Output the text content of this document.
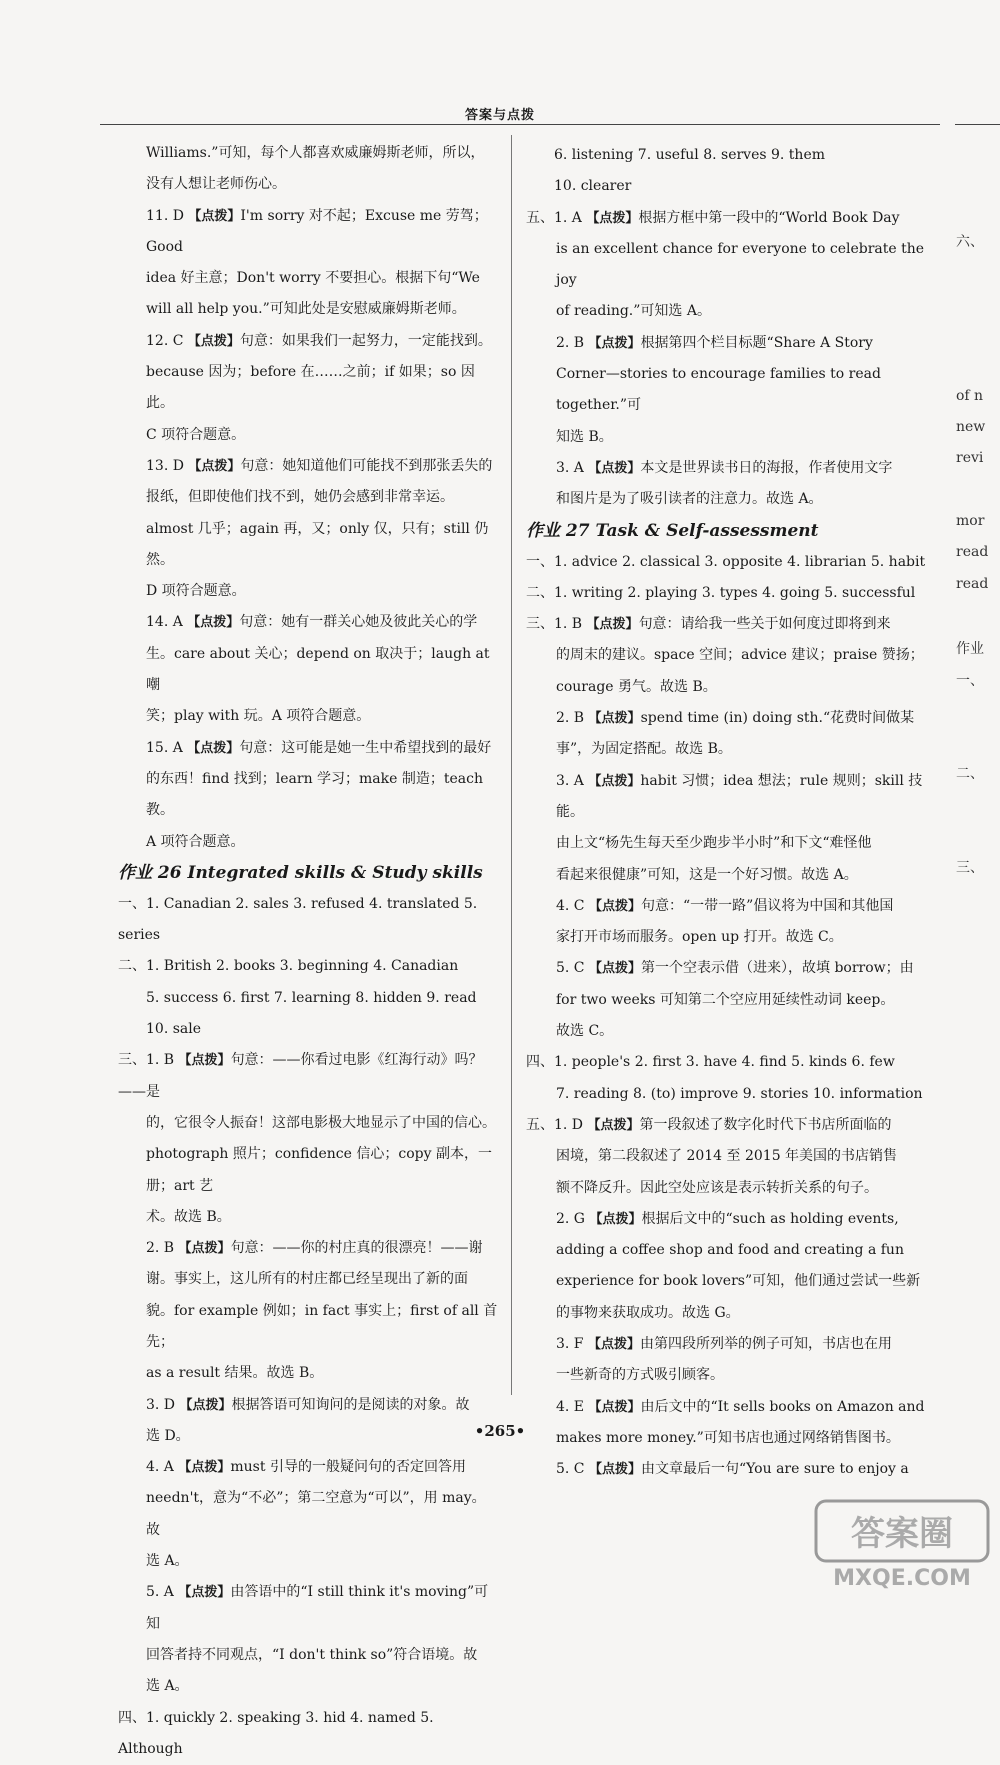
答案与点拨

Williams.”可知，每个人都喜欢威廉姆斯老师，所以，

没有人想让老师伤心。

11. D 【点拨】I'm sorry 对不起；Excuse me 劳驾；Good

idea 好主意；Don't worry 不要担心。根据下句“We

will all help you.”可知此处是安慰威廉姆斯老师。

12. C 【点拨】句意：如果我们一起努力，一定能找到。

because 因为；before 在……之前；if 如果；so 因此。

C 项符合题意。

13. D 【点拨】句意：她知道他们可能找不到那张丢失的

报纸，但即使他们找不到，她仍会感到非常幸运。

almost 几乎；again 再，又；only 仅，只有；still 仍然。

D 项符合题意。

14. A 【点拨】句意：她有一群关心她及彼此关心的学

生。care about 关心；depend on 取决于；laugh at 嘲

笑；play with 玩。A 项符合题意。

15. A 【点拨】句意：这可能是她一生中希望找到的最好

的东西！find 找到；learn 学习；make 制造；teach 教。

A 项符合题意。

作业 26 Integrated skills & Study skills

一、1. Canadian 2. sales 3. refused 4. translated 5. series

二、1. British 2. books 3. beginning 4. Canadian

5. success 6. first 7. learning 8. hidden 9. read

10. sale

三、1. B 【点拨】句意：——你看过电影《红海行动》吗？——是

的，它很令人振奋！这部电影极大地显示了中国的信心。

photograph 照片；confidence 信心；copy 副本，一册；art 艺

术。故选 B。

2. B 【点拨】句意：——你的村庄真的很漂亮！——谢

谢。事实上，这儿所有的村庄都已经呈现出了新的面

貌。for example 例如；in fact 事实上；first of all 首先；

as a result 结果。故选 B。

3. D 【点拨】根据答语可知询问的是阅读的对象。故

选 D。

4. A 【点拨】must 引导的一般疑问句的否定回答用

needn't，意为“不必”；第二空意为“可以”，用 may。故

选 A。

5. A 【点拨】由答语中的“I still think it's moving”可知

回答者持不同观点，“I don't think so”符合语境。故

选 A。

四、1. quickly 2. speaking 3. hid 4. named 5. Although

6. listening 7. useful 8. serves 9. them

10. clearer

五、1. A 【点拨】根据方框中第一段中的“World Book Day

is an excellent chance for everyone to celebrate the joy

of reading.”可知选 A。

2. B 【点拨】根据第四个栏目标题“Share A Story

Corner—stories to encourage families to read together.”可

知选 B。

3. A 【点拨】本文是世界读书日的海报，作者使用文字

和图片是为了吸引读者的注意力。故选 A。

作业 27 Task & Self-assessment

一、1. advice 2. classical 3. opposite 4. librarian 5. habit

二、1. writing 2. playing 3. types 4. going 5. successful

三、1. B 【点拨】句意：请给我一些关于如何度过即将到来

的周末的建议。space 空间；advice 建议；praise 赞扬；

courage 勇气。故选 B。

2. B 【点拨】spend time (in) doing sth.“花费时间做某

事”，为固定搭配。故选 B。

3. A 【点拨】habit 习惯；idea 想法；rule 规则；skill 技能。

由上文“杨先生每天至少跑步半小时”和下文“难怪他

看起来很健康”可知，这是一个好习惯。故选 A。

4. C 【点拨】句意：“一带一路”倡议将为中国和其他国

家打开市场而服务。open up 打开。故选 C。

5. C 【点拨】第一个空表示借（进来），故填 borrow；由

for two weeks 可知第二个空应用延续性动词 keep。

故选 C。

四、1. people's 2. first 3. have 4. find 5. kinds 6. few

7. reading 8. (to) improve 9. stories 10. information

五、1. D 【点拨】第一段叙述了数字化时代下书店所面临的

困境，第二段叙述了 2014 至 2015 年美国的书店销售

额不降反升。因此空处应该是表示转折关系的句子。

2. G 【点拨】根据后文中的“such as holding events,

adding a coffee shop and food and creating a fun

experience for book lovers”可知，他们通过尝试一些新

的事物来获取成功。故选 G。

3. F 【点拨】由第四段所列举的例子可知，书店也在用

一些新奇的方式吸引顾客。

4. E 【点拨】由后文中的“It sells books on Amazon and

makes more money.”可知书店也通过网络销售图书。

5. C 【点拨】由文章最后一句“You are sure to enjoy a

六、
of n
new
revi
mor
read
read
作业
一、
二、
三、
•265•
答案圈
MXQE.COM
